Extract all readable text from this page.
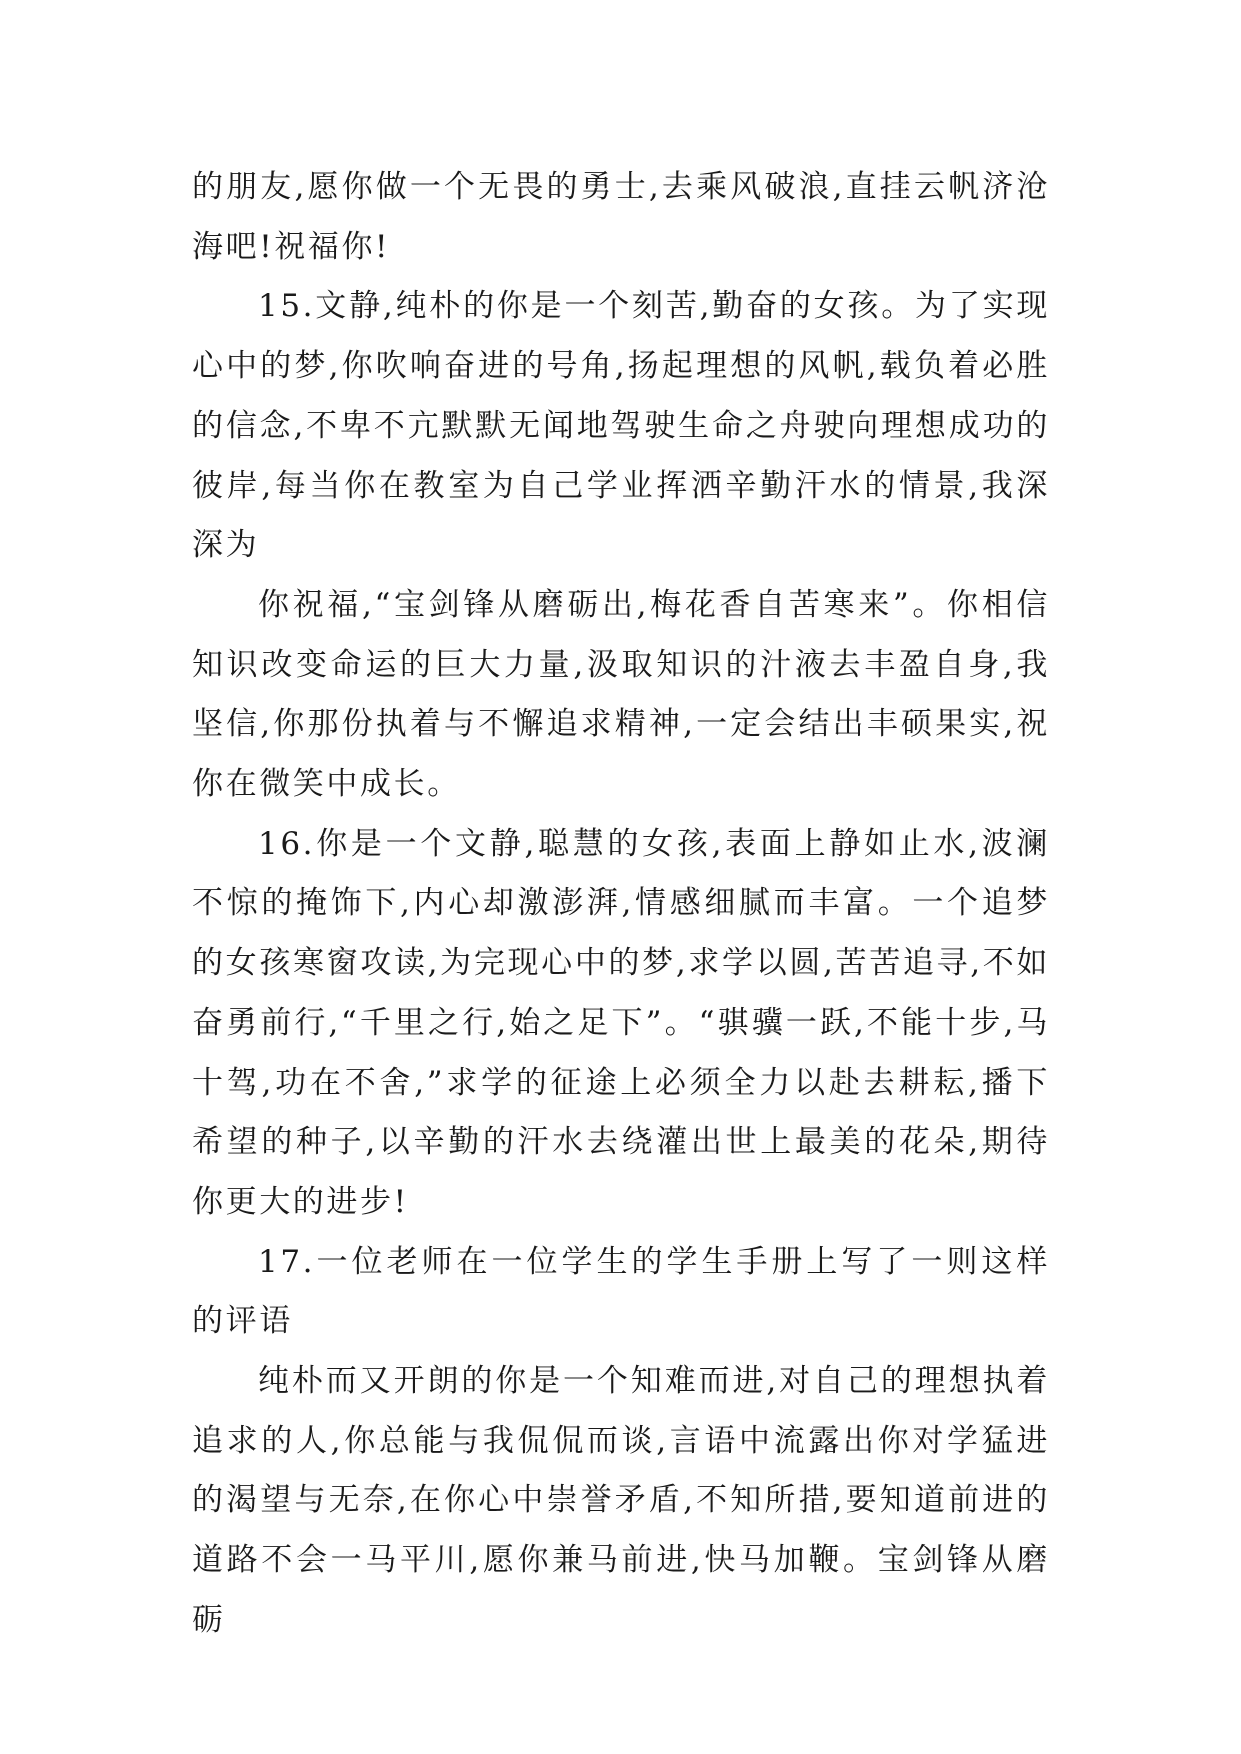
的朋友,愿你做一个无畏的勇士,去乘风破浪,直挂云帆济沧海吧!祝福你!

15.文静,纯朴的你是一个刻苦,勤奋的女孩。为了实现心中的梦,你吹响奋进的号角,扬起理想的风帆,载负着必胜的信念,不卑不亢默默无闻地驾驶生命之舟驶向理想成功的彼岸,每当你在教室为自己学业挥洒辛勤汗水的情景,我深深为

你祝福,“宝剑锋从磨砺出,梅花香自苦寒来”。你相信知识改变命运的巨大力量,汲取知识的汁液去丰盈自身,我坚信,你那份执着与不懈追求精神,一定会结出丰硕果实,祝你在微笑中成长。

16.你是一个文静,聪慧的女孩,表面上静如止水,波澜不惊的掩饰下,内心却激澎湃,情感细腻而丰富。一个追梦的女孩寒窗攻读,为完现心中的梦,求学以圆,苦苦追寻,不如奋勇前行,“千里之行,始之足下”。“骐骥一跃,不能十步,马十驾,功在不舍,”求学的征途上必须全力以赴去耕耘,播下希望的种子,以辛勤的汗水去绕灌出世上最美的花朵,期待你更大的进步!

17.一位老师在一位学生的学生手册上写了一则这样的评语

纯朴而又开朗的你是一个知难而进,对自己的理想执着追求的人,你总能与我侃侃而谈,言语中流露出你对学猛进的渴望与无奈,在你心中崇誉矛盾,不知所措,要知道前进的道路不会一马平川,愿你兼马前进,快马加鞭。宝剑锋从磨砺
